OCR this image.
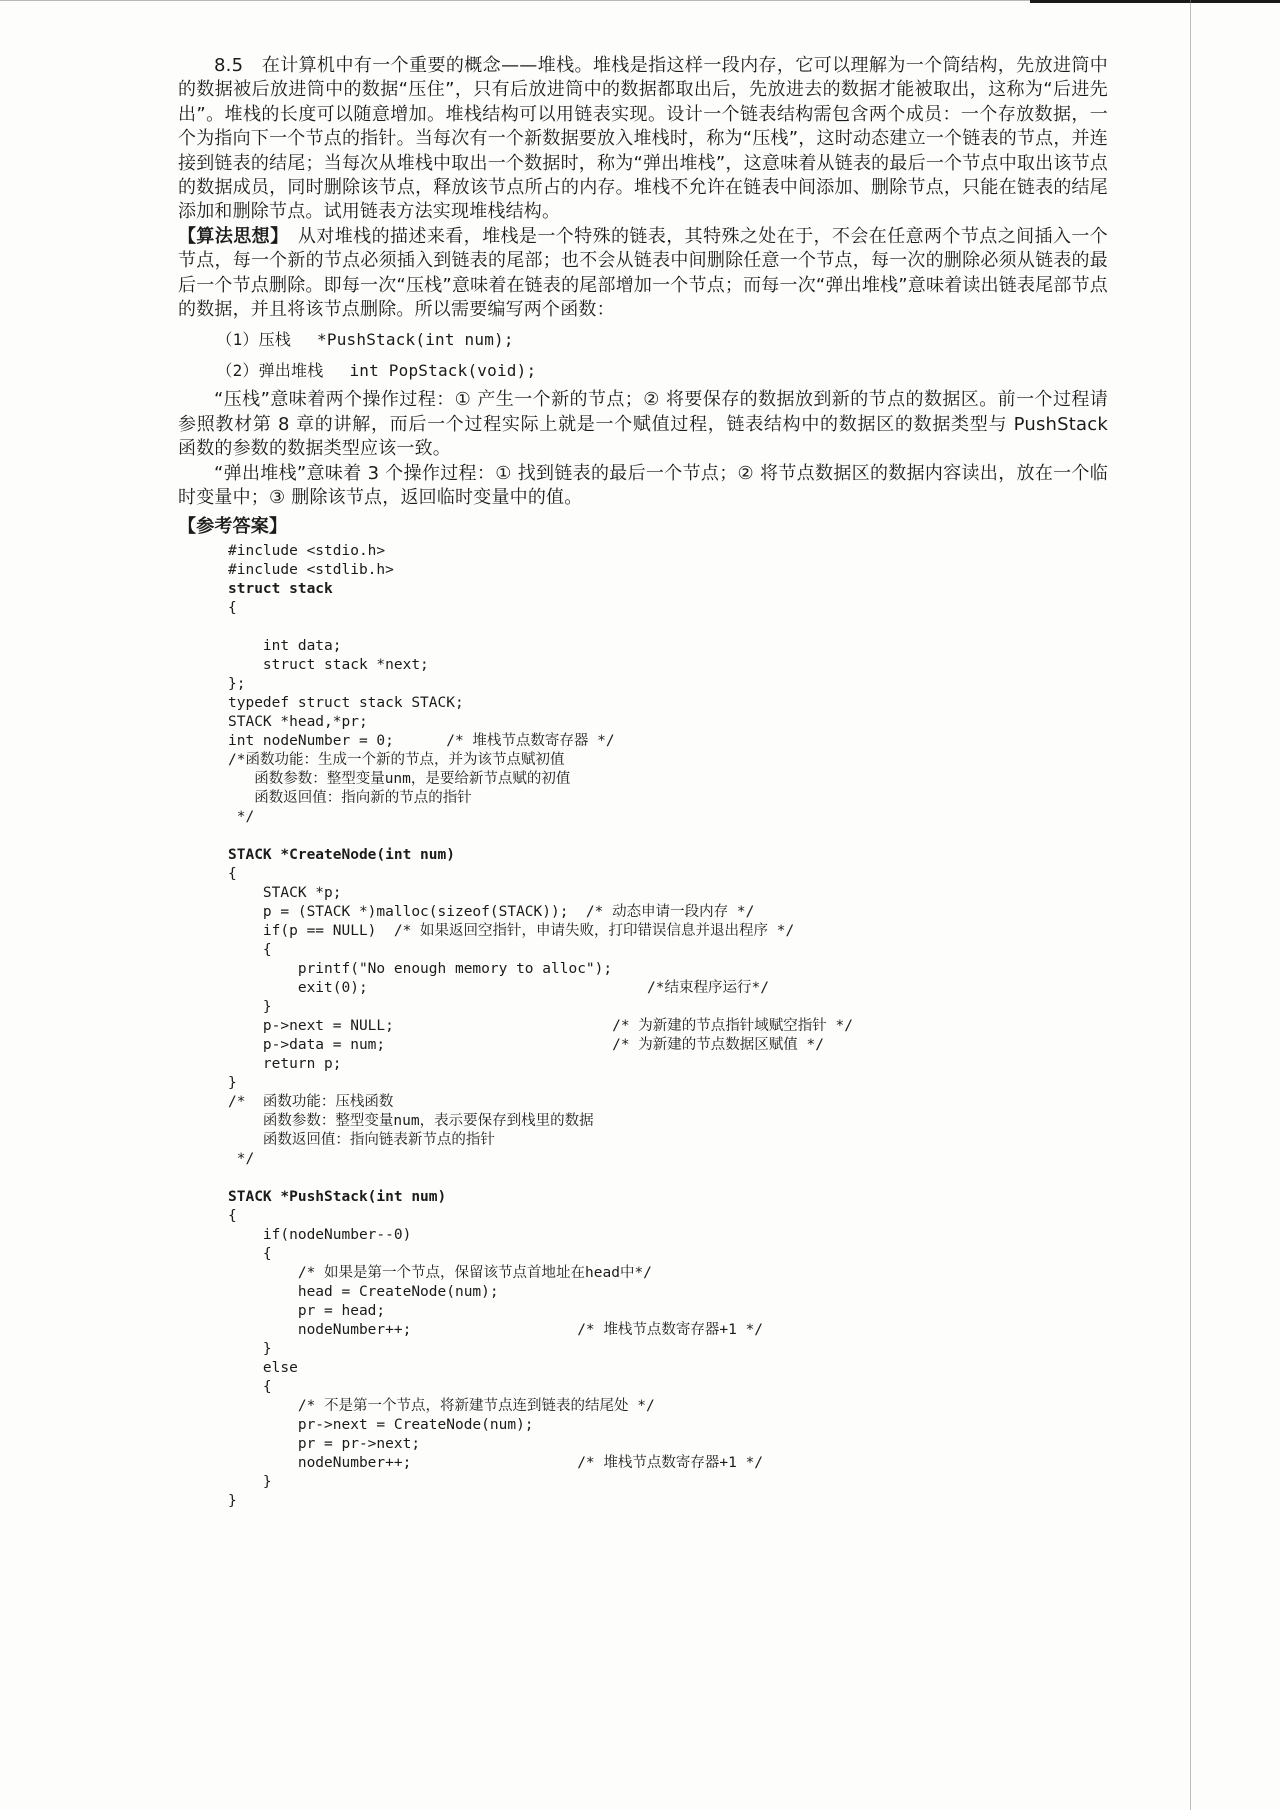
8.5　在计算机中有一个重要的概念——堆栈。堆栈是指这样一段内存，它可以理解为一个筒结构，先放进筒中的数据被后放进筒中的数据“压住”，只有后放进筒中的数据都取出后，先放进去的数据才能被取出，这称为“后进先出”。堆栈的长度可以随意增加。堆栈结构可以用链表实现。设计一个链表结构需包含两个成员：一个存放数据，一个为指向下一个节点的指针。当每次有一个新数据要放入堆栈时，称为“压栈”，这时动态建立一个链表的节点，并连接到链表的结尾；当每次从堆栈中取出一个数据时，称为“弹出堆栈”，这意味着从链表的最后一个节点中取出该节点的数据成员，同时删除该节点，释放该节点所占的内存。堆栈不允许在链表中间添加、删除节点，只能在链表的结尾添加和删除节点。试用链表方法实现堆栈结构。

【算法思想】　从对堆栈的描述来看，堆栈是一个特殊的链表，其特殊之处在于，不会在任意两个节点之间插入一个节点，每一个新的节点必须插入到链表的尾部；也不会从链表中间删除任意一个节点，每一次的删除必须从链表的最后一个节点删除。即每一次“压栈”意味着在链表的尾部增加一个节点；而每一次“弹出堆栈”意味着读出链表尾部节点的数据，并且将该节点删除。所以需要编写两个函数：

（1）压栈　 *PushStack(int num);

（2）弹出堆栈　 int PopStack(void);

“压栈”意味着两个操作过程：① 产生一个新的节点；② 将要保存的数据放到新的节点的数据区。前一个过程请参照教材第 8 章的讲解，而后一个过程实际上就是一个赋值过程，链表结构中的数据区的数据类型与 PushStack 函数的参数的数据类型应该一致。

“弹出堆栈”意味着 3 个操作过程：① 找到链表的最后一个节点；② 将节点数据区的数据内容读出，放在一个临时变量中；③ 删除该节点，返回临时变量中的值。

【参考答案】

#include <stdio.h>
#include <stdlib.h>
struct stack
{
int data;
struct stack *next;
};
typedef struct stack STACK;
STACK *head,*pr;
int nodeNumber = 0;      /* 堆栈节点数寄存器 */
/*函数功能：生成一个新的节点，并为该节点赋初值
函数参数：整型变量unm，是要给新节点赋的初值
函数返回值：指向新的节点的指针
*/
STACK *CreateNode(int num)
{
STACK *p;
p = (STACK *)malloc(sizeof(STACK));  /* 动态申请一段内存 */
if(p == NULL)  /* 如果返回空指针，申请失败，打印错误信息并退出程序 */
{
printf("No enough memory to alloc");
exit(0);                                /*结束程序运行*/
}
p->next = NULL;                         /* 为新建的节点指针域赋空指针 */
p->data = num;                          /* 为新建的节点数据区赋值 */
return p;
}
/*  函数功能：压栈函数
函数参数：整型变量num，表示要保存到栈里的数据
函数返回值：指向链表新节点的指针
*/
STACK *PushStack(int num)
{
if(nodeNumber--0)
{
/* 如果是第一个节点，保留该节点首地址在head中*/
head = CreateNode(num);
pr = head;
nodeNumber++;                   /* 堆栈节点数寄存器+1 */
}
else
{
/* 不是第一个节点，将新建节点连到链表的结尾处 */
pr->next = CreateNode(num);
pr = pr->next;
nodeNumber++;                   /* 堆栈节点数寄存器+1 */
}
}
